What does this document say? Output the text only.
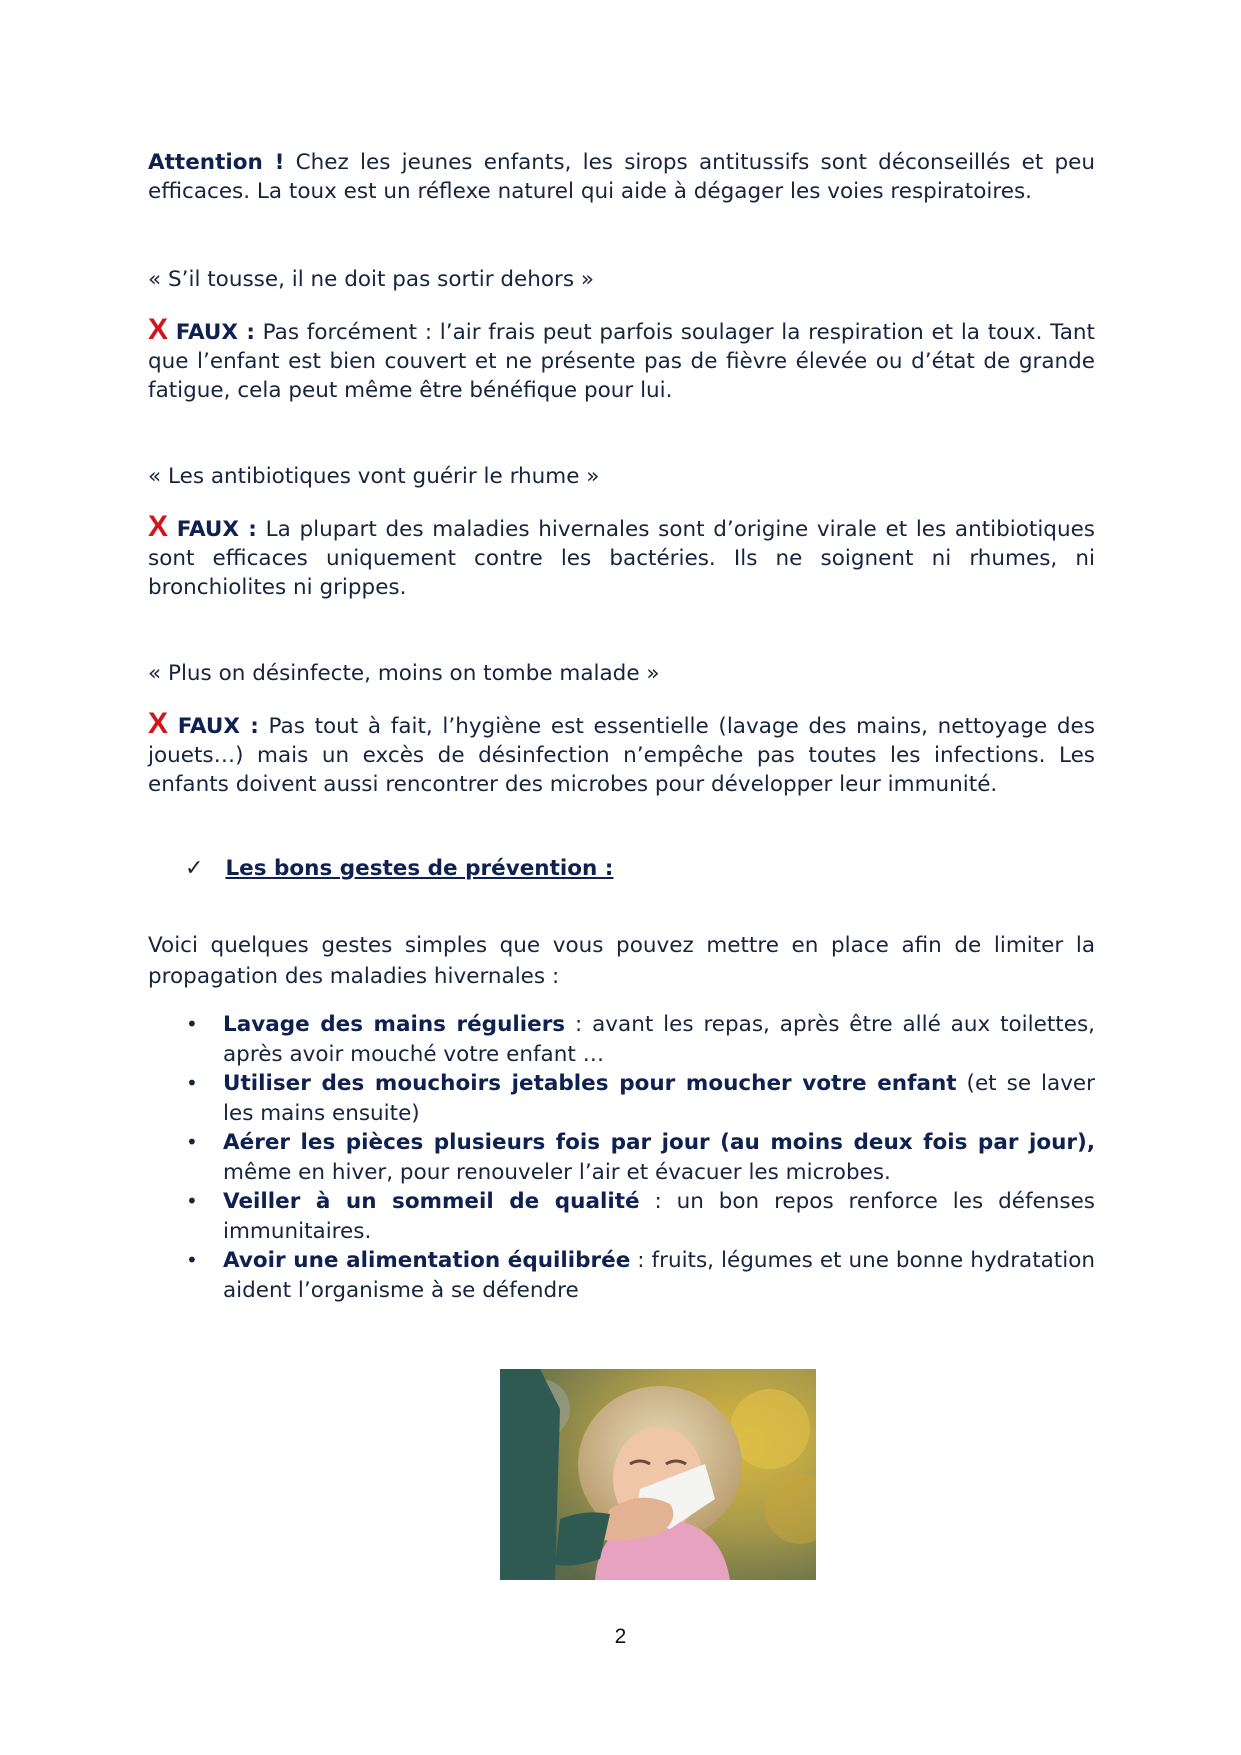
Attention ! Chez les jeunes enfants, les sirops antitussifs sont déconseillés et peu efficaces. La toux est un réflexe naturel qui aide à dégager les voies respiratoires.

« S’il tousse, il ne doit pas sortir dehors »

X FAUX : Pas forcément : l’air frais peut parfois soulager la respiration et la toux. Tant que l’enfant est bien couvert et ne présente pas de fièvre élevée ou d’état de grande fatigue, cela peut même être bénéfique pour lui.

« Les antibiotiques vont guérir le rhume »

X FAUX : La plupart des maladies hivernales sont d’origine virale et les antibiotiques sont efficaces uniquement contre les bactéries. Ils ne soignent ni rhumes, ni bronchiolites ni grippes.

« Plus on désinfecte, moins on tombe malade »

X FAUX : Pas tout à fait, l’hygiène est essentielle (lavage des mains, nettoyage des jouets…) mais un excès de désinfection n’empêche pas toutes les infections. Les enfants doivent aussi rencontrer des microbes pour développer leur immunité.

✓ Les bons gestes de prévention :

Voici quelques gestes simples que vous pouvez mettre en place afin de limiter la propagation des maladies hivernales :

• Lavage des mains réguliers : avant les repas, après être allé aux toilettes, après avoir mouché votre enfant …
• Utiliser des mouchoirs jetables pour moucher votre enfant (et se laver les mains ensuite)
• Aérer les pièces plusieurs fois par jour (au moins deux fois par jour), même en hiver, pour renouveler l’air et évacuer les microbes.
• Veiller à un sommeil de qualité : un bon repos renforce les défenses immunitaires.
• Avoir une alimentation équilibrée : fruits, légumes et une bonne hydratation aident l’organisme à se défendre
2
